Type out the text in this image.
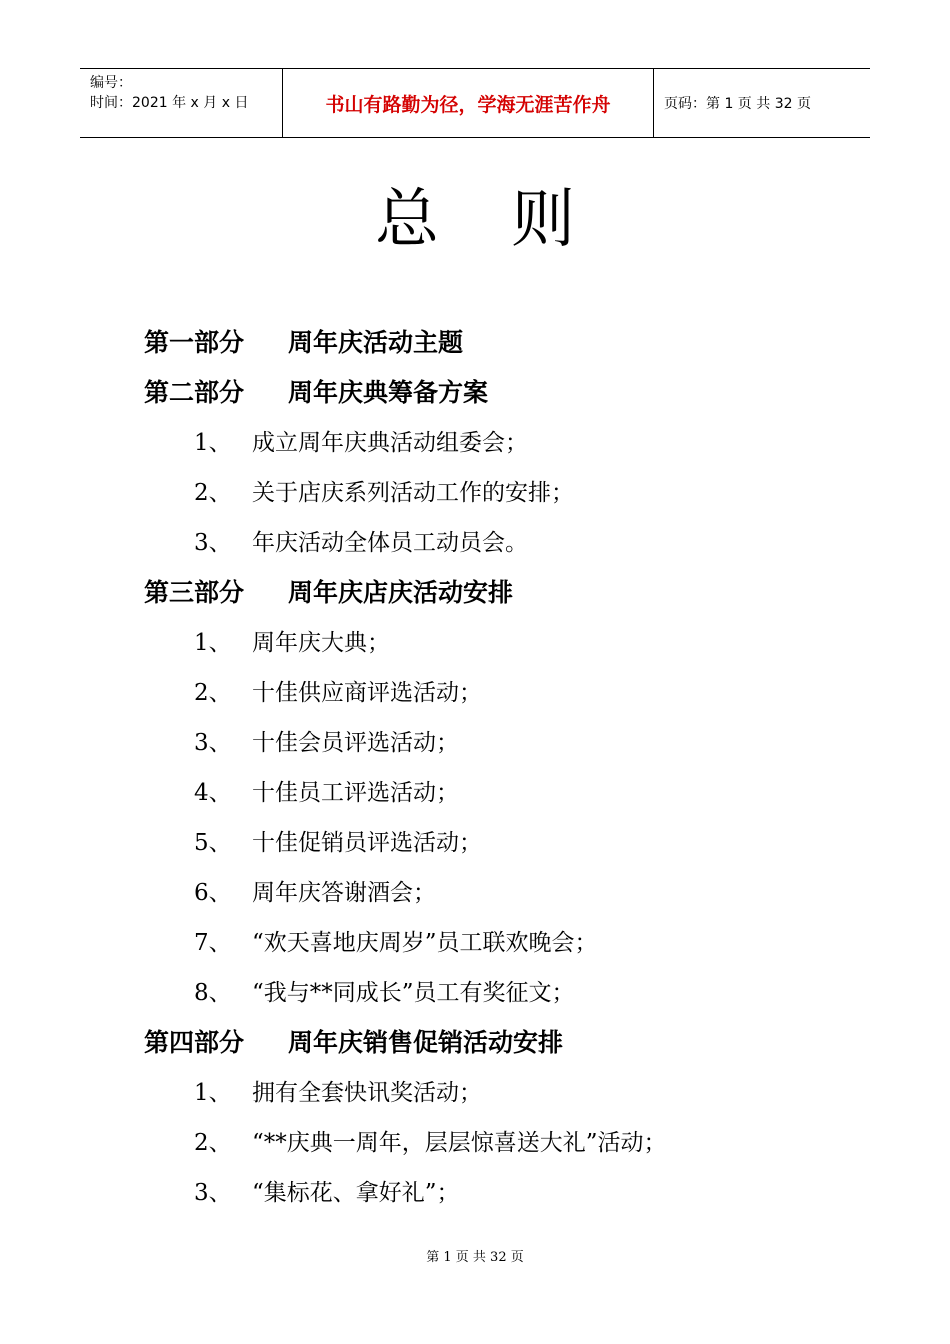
编号：
时间：2021 年 x 月 x 日	书山有路勤为径，学海无涯苦作舟	页码：第 1 页 共 32 页
总 则
第一部分 周年庆活动主题
第二部分 周年庆典筹备方案
1、 成立周年庆典活动组委会；
2、 关于店庆系列活动工作的安排；
3、 年庆活动全体员工动员会。
第三部分 周年庆店庆活动安排
1、 周年庆大典；
2、 十佳供应商评选活动；
3、 十佳会员评选活动；
4、 十佳员工评选活动；
5、 十佳促销员评选活动；
6、 周年庆答谢酒会；
7、 “欢天喜地庆周岁”员工联欢晚会；
8、 “我与**同成长”员工有奖征文；
第四部分 周年庆销售促销活动安排
1、 拥有全套快讯奖活动；
2、 “**庆典一周年，层层惊喜送大礼”活动；
3、 “集标花、拿好礼”；
第 1 页 共 32 页
